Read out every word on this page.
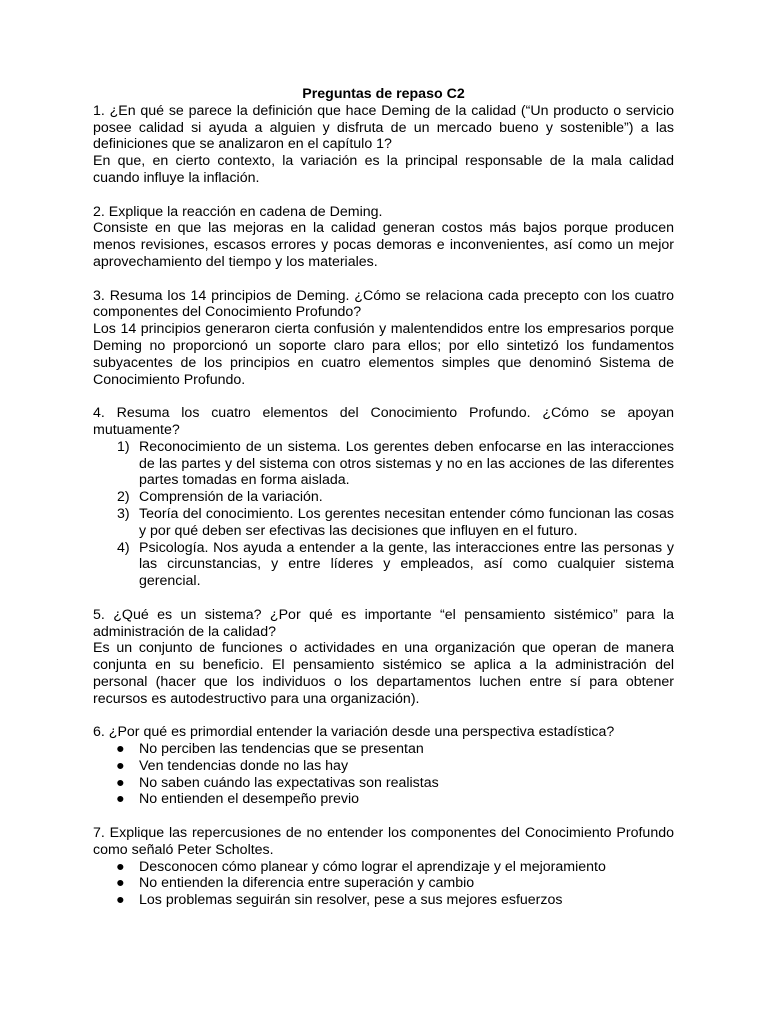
Preguntas de repaso C2

1. ¿En qué se parece la definición que hace Deming de la calidad (“Un producto o servicio posee calidad si ayuda a alguien y disfruta de un mercado bueno y sostenible”) a las definiciones que se analizaron en el capítulo 1?

En que, en cierto contexto, la variación es la principal responsable de la mala calidad cuando influye la inflación.

2. Explique la reacción en cadena de Deming.

Consiste en que las mejoras en la calidad generan costos más bajos porque producen menos revisiones, escasos errores y pocas demoras e inconvenientes, así como un mejor aprovechamiento del tiempo y los materiales.

3. Resuma los 14 principios de Deming. ¿Cómo se relaciona cada precepto con los cuatro componentes del Conocimiento Profundo?

Los 14 principios generaron cierta confusión y malentendidos entre los empresarios porque Deming no proporcionó un soporte claro para ellos; por ello sintetizó los fundamentos subyacentes de los principios en cuatro elementos simples que denominó Sistema de Conocimiento Profundo.

4. Resuma los cuatro elementos del Conocimiento Profundo. ¿Cómo se apoyan mutuamente?

1) Reconocimiento de un sistema. Los gerentes deben enfocarse en las interacciones de las partes y del sistema con otros sistemas y no en las acciones de las diferentes partes tomadas en forma aislada.
2) Comprensión de la variación.
3) Teoría del conocimiento. Los gerentes necesitan entender cómo funcionan las cosas y por qué deben ser efectivas las decisiones que influyen en el futuro.
4) Psicología. Nos ayuda a entender a la gente, las interacciones entre las personas y las circunstancias, y entre líderes y empleados, así como cualquier sistema gerencial.

5. ¿Qué es un sistema? ¿Por qué es importante “el pensamiento sistémico” para la administración de la calidad?

Es un conjunto de funciones o actividades en una organización que operan de manera conjunta en su beneficio. El pensamiento sistémico se aplica a la administración del personal (hacer que los individuos o los departamentos luchen entre sí para obtener recursos es autodestructivo para una organización).

6. ¿Por qué es primordial entender la variación desde una perspectiva estadística?

● No perciben las tendencias que se presentan
● Ven tendencias donde no las hay
● No saben cuándo las expectativas son realistas
● No entienden el desempeño previo

7. Explique las repercusiones de no entender los componentes del Conocimiento Profundo como señaló Peter Scholtes.

● Desconocen cómo planear y cómo lograr el aprendizaje y el mejoramiento
● No entienden la diferencia entre superación y cambio
● Los problemas seguirán sin resolver, pese a sus mejores esfuerzos
